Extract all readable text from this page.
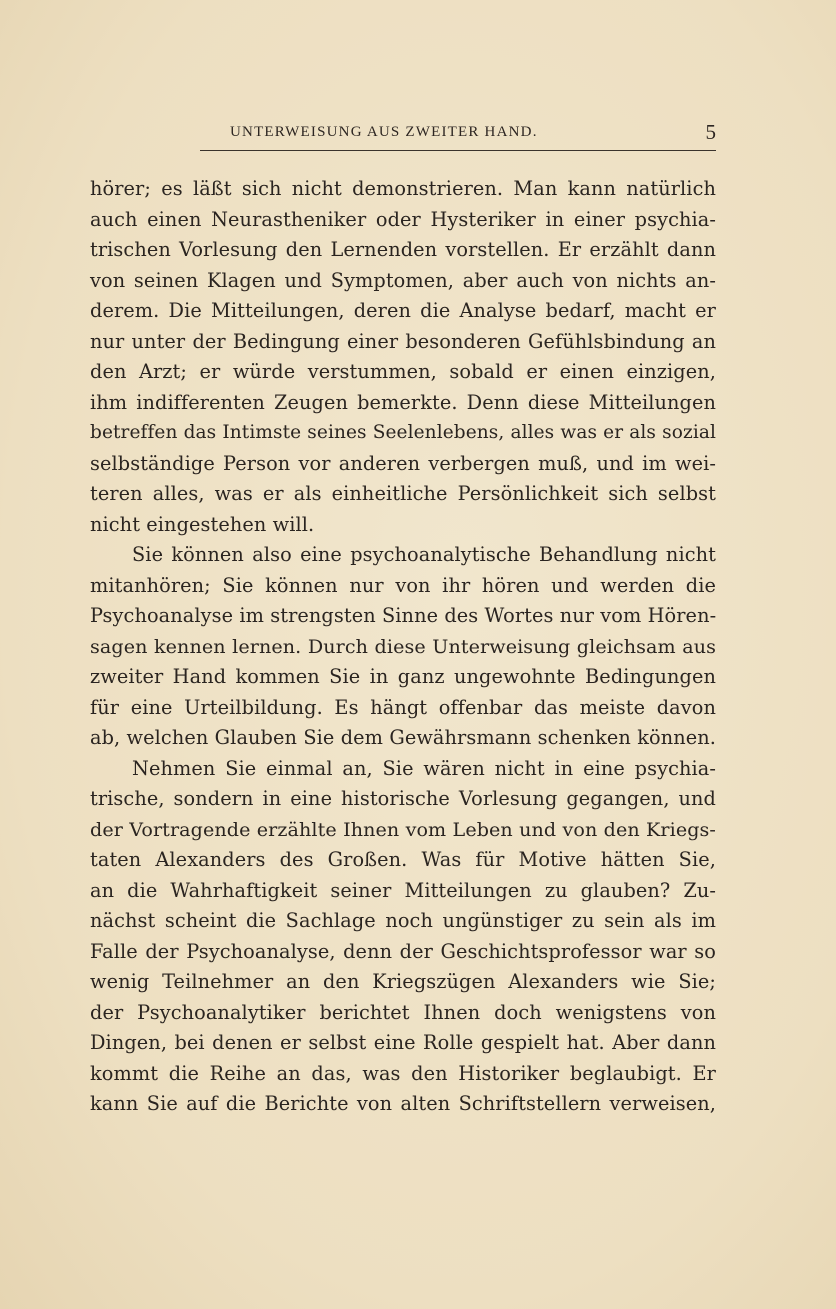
UNTERWEISUNG AUS ZWEITER HAND.	5
hörer; es läßt sich nicht demonstrieren. Man kann natürlich
auch einen Neurastheniker oder Hysteriker in einer psychia-
trischen Vorlesung den Lernenden vorstellen. Er erzählt dann
von seinen Klagen und Symptomen, aber auch von nichts an-
derem. Die Mitteilungen, deren die Analyse bedarf, macht er
nur unter der Bedingung einer besonderen Gefühlsbindung an
den Arzt; er würde verstummen, sobald er einen einzigen,
ihm indifferenten Zeugen bemerkte. Denn diese Mitteilungen
betreffen das Intimste seines Seelenlebens, alles was er als sozial
selbständige Person vor anderen verbergen muß, und im wei-
teren alles, was er als einheitliche Persönlichkeit sich selbst
nicht eingestehen will.
Sie können also eine psychoanalytische Behandlung nicht
mitanhören; Sie können nur von ihr hören und werden die
Psychoanalyse im strengsten Sinne des Wortes nur vom Hören-
sagen kennen lernen. Durch diese Unterweisung gleichsam aus
zweiter Hand kommen Sie in ganz ungewohnte Bedingungen
für eine Urteilbildung. Es hängt offenbar das meiste davon
ab, welchen Glauben Sie dem Gewährsmann schenken können.
Nehmen Sie einmal an, Sie wären nicht in eine psychia-
trische, sondern in eine historische Vorlesung gegangen, und
der Vortragende erzählte Ihnen vom Leben und von den Kriegs-
taten Alexanders des Großen. Was für Motive hätten Sie,
an die Wahrhaftigkeit seiner Mitteilungen zu glauben? Zu-
nächst scheint die Sachlage noch ungünstiger zu sein als im
Falle der Psychoanalyse, denn der Geschichtsprofessor war so
wenig Teilnehmer an den Kriegszügen Alexanders wie Sie;
der Psychoanalytiker berichtet Ihnen doch wenigstens von
Dingen, bei denen er selbst eine Rolle gespielt hat. Aber dann
kommt die Reihe an das, was den Historiker beglaubigt. Er
kann Sie auf die Berichte von alten Schriftstellern verweisen,
